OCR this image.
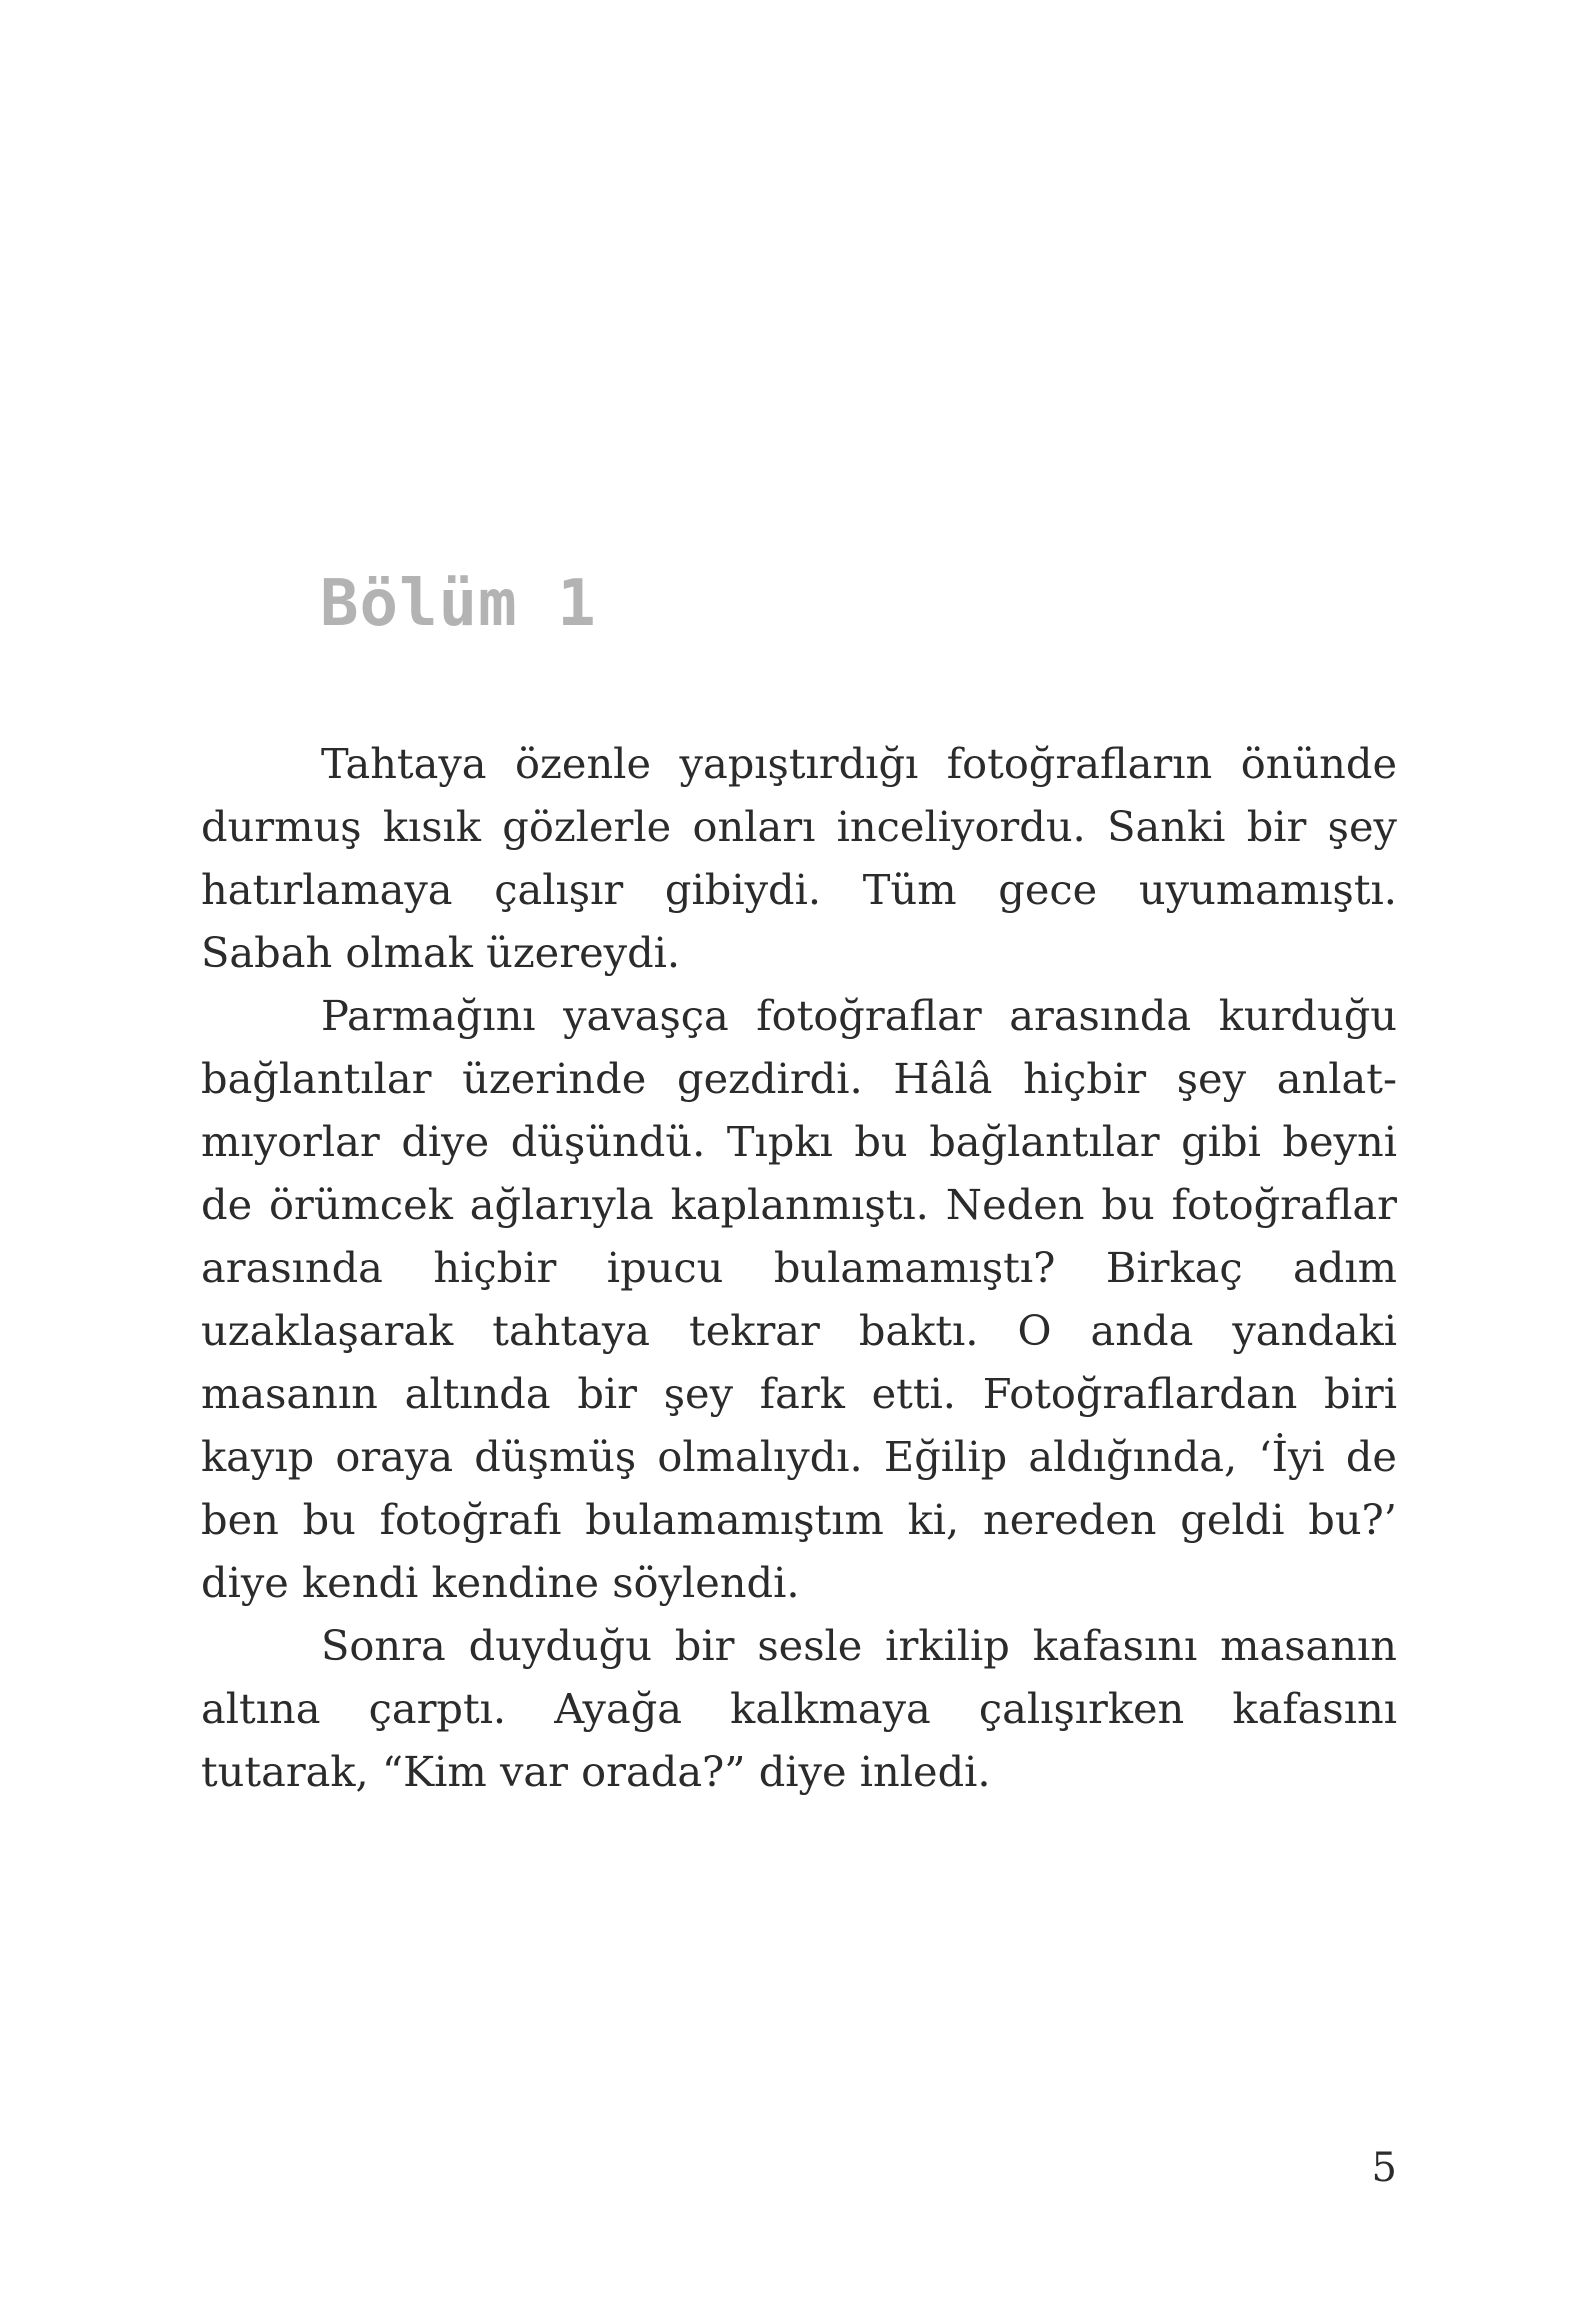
Bölüm 1

Tahtaya özenle yapıştırdığı fotoğrafların önünde durmuş kısık gözlerle onları inceliyordu. Sanki bir şey hatırlamaya çalışır gibiydi. Tüm gece uyumamıştı. Sabah olmak üzereydi.

Parmağını yavaşça fotoğraflar arasında kurduğu bağlantılar üzerinde gezdirdi. Hâlâ hiçbir şey anlatmıyorlar diye düşündü. Tıpkı bu bağlantılar gibi beyni de örümcek ağlarıyla kaplanmıştı. Neden bu fotoğraflar arasında hiçbir ipucu bulamamıştı? Birkaç adım uzaklaşarak tahtaya tekrar baktı. O anda yandaki masanın altında bir şey fark etti. Fotoğraflardan biri kayıp oraya düşmüş olmalıydı. Eğilip aldığında, ‘İyi de ben bu fotoğrafı bulamamıştım ki, nereden geldi bu?’ diye kendi kendine söylendi.

Sonra duyduğu bir sesle irkilip kafasını masanın altına çarptı. Ayağa kalkmaya çalışırken kafasını tutarak, “Kim var orada?” diye inledi.

5
